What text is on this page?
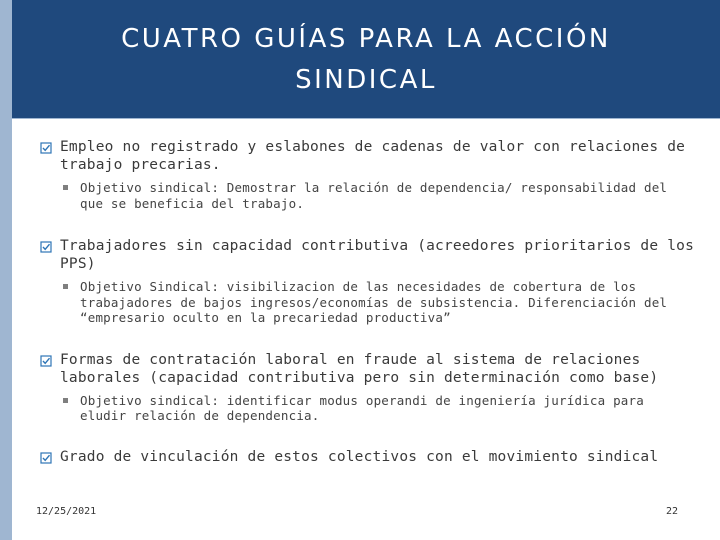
CUATRO GUÍAS PARA LA ACCIÓN SINDICAL
Empleo no registrado y eslabones de cadenas de valor con relaciones de trabajo precarias.
Objetivo sindical: Demostrar la relación de dependencia/ responsabilidad del que se beneficia del trabajo.
Trabajadores sin capacidad contributiva (acreedores prioritarios de los PPS)
Objetivo Sindical: visibilizacion de las necesidades de cobertura de los trabajadores de bajos ingresos/economías de subsistencia. Diferenciación del “empresario oculto en la precariedad productiva”
Formas de contratación laboral en fraude al sistema de relaciones laborales (capacidad contributiva pero sin determinación como base)
Objetivo sindical: identificar modus operandi de ingeniería jurídica para eludir relación de dependencia.
Grado de vinculación de estos colectivos con el movimiento sindical
12/25/2021	22
